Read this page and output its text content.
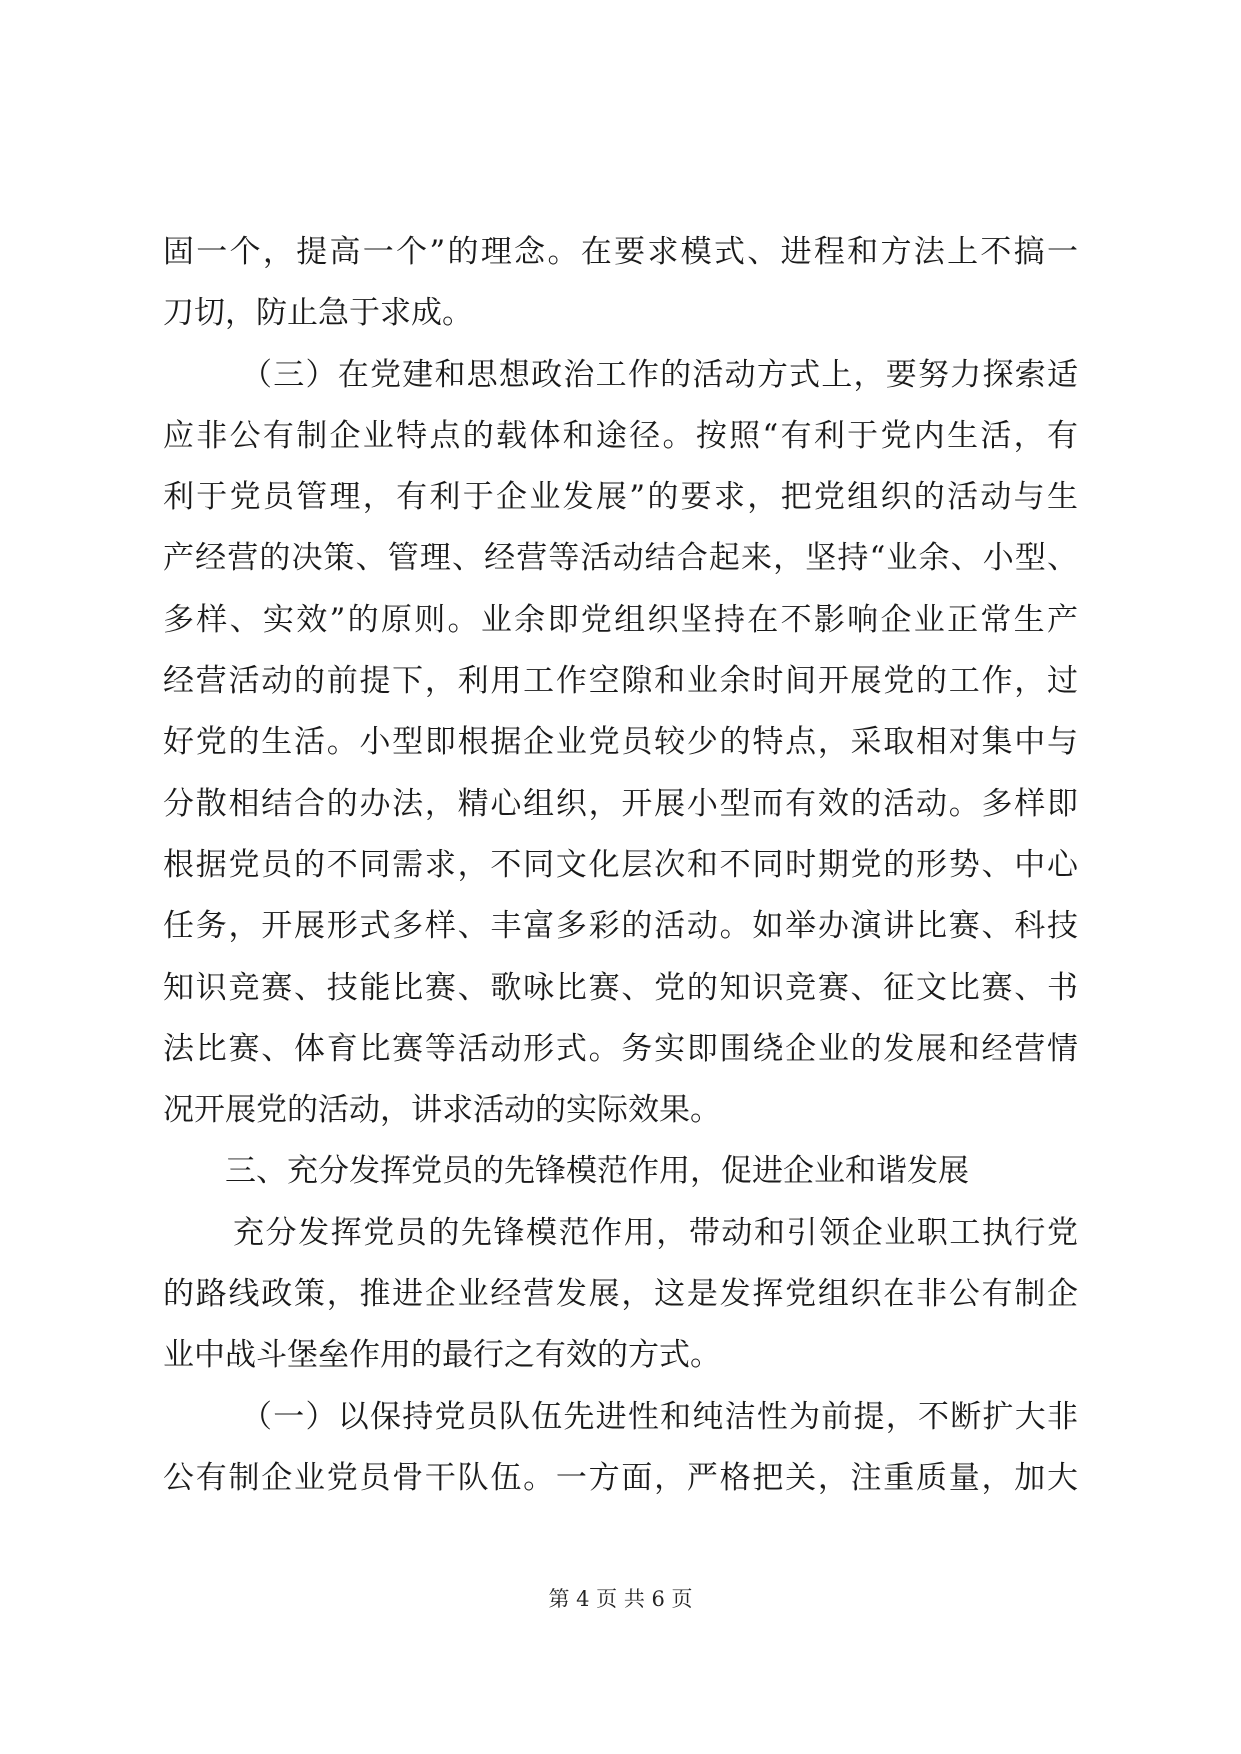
固一个，提高一个”的理念。在要求模式、进程和方法上不搞一
刀切，防止急于求成。
（三）在党建和思想政治工作的活动方式上，要努力探索适
应非公有制企业特点的载体和途径。按照“有利于党内生活，有
利于党员管理，有利于企业发展”的要求，把党组织的活动与生
产经营的决策、管理、经营等活动结合起来，坚持“业余、小型、
多样、实效”的原则。业余即党组织坚持在不影响企业正常生产
经营活动的前提下，利用工作空隙和业余时间开展党的工作，过
好党的生活。小型即根据企业党员较少的特点，采取相对集中与
分散相结合的办法，精心组织，开展小型而有效的活动。多样即
根据党员的不同需求，不同文化层次和不同时期党的形势、中心
任务，开展形式多样、丰富多彩的活动。如举办演讲比赛、科技
知识竞赛、技能比赛、歌咏比赛、党的知识竞赛、征文比赛、书
法比赛、体育比赛等活动形式。务实即围绕企业的发展和经营情
况开展党的活动，讲求活动的实际效果。
三、充分发挥党员的先锋模范作用，促进企业和谐发展
充分发挥党员的先锋模范作用，带动和引领企业职工执行党
的路线政策，推进企业经营发展，这是发挥党组织在非公有制企
业中战斗堡垒作用的最行之有效的方式。
（一）以保持党员队伍先进性和纯洁性为前提，不断扩大非
公有制企业党员骨干队伍。一方面，严格把关，注重质量，加大
第 4 页 共 6 页
